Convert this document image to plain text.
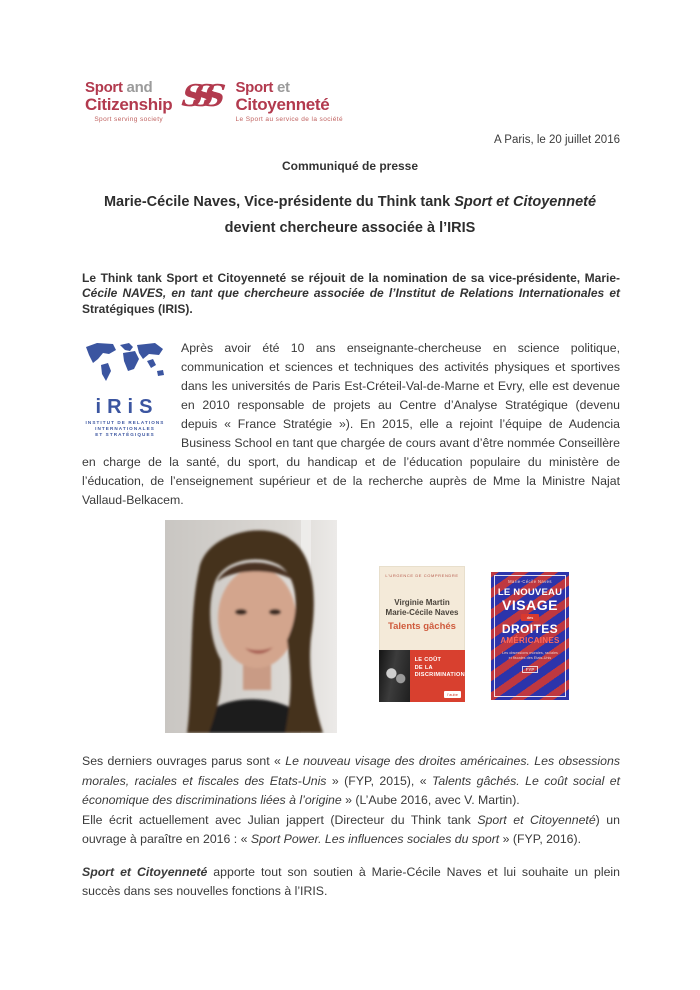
Sport and
Citizenship
Sport serving society
SSS Sport et
Citoyenneté
Le Sport au service de la société
A Paris, le 20 juillet 2016
Communiqué de presse
Marie-Cécile Naves, Vice-présidente du Think tank Sport et Citoyenneté
devient chercheure associée à l’IRIS

Le Think tank Sport et Citoyenneté se réjouit de la nomination de sa vice-présidente, Marie-Cécile NAVES, en tant que chercheure associée de l’Institut de Relations Internationales et Stratégiques (IRIS).

iRiS
INSTITUT DE RELATIONS
INTERNATIONALES
ET STRATÉGIQUES
Après avoir été 10 ans enseignante-chercheuse en science politique, communication et sciences et techniques des activités physiques et sportives dans les universités de Paris Est-Créteil-Val-de-Marne et Evry, elle est devenue en 2010 responsable de projets au Centre d’Analyse Stratégique (devenu depuis « France Stratégie »). En 2015, elle a rejoint l’équipe de Audencia Business School en tant que chargée de cours avant d’être nommée Conseillère en charge de la santé, du sport, du handicap et de l’éducation populaire du ministère de l’éducation, de l’enseignement supérieur et de la recherche auprès de Mme la Ministre Najat Vallaud-Belkacem.
L’URGENCE DE COMPRENDRE
Virginie Martin
Marie-Cécile Naves
Talents gâchés
LE COÛT
DE LA
DISCRIMINATION
l’aube
Marie-Cécile Naves
LE NOUVEAU
VISAGE
des
DROITES
AMÉRICAINES
Les obsessions morales, raciales
et fiscales des Etats-Unis
FYP

Ses derniers ouvrages parus sont « Le nouveau visage des droites américaines. Les obsessions morales, raciales et fiscales des Etats-Unis » (FYP, 2015), « Talents gâchés. Le coût social et économique des discriminations liées à l’origine » (L’Aube 2016, avec V. Martin).

Elle écrit actuellement avec Julian jappert (Directeur du Think tank Sport et Citoyenneté) un ouvrage à paraître en 2016 : « Sport Power. Les influences sociales du sport » (FYP, 2016).

Sport et Citoyenneté apporte tout son soutien à Marie-Cécile Naves et lui souhaite un plein succès dans ses nouvelles fonctions à l’IRIS.
